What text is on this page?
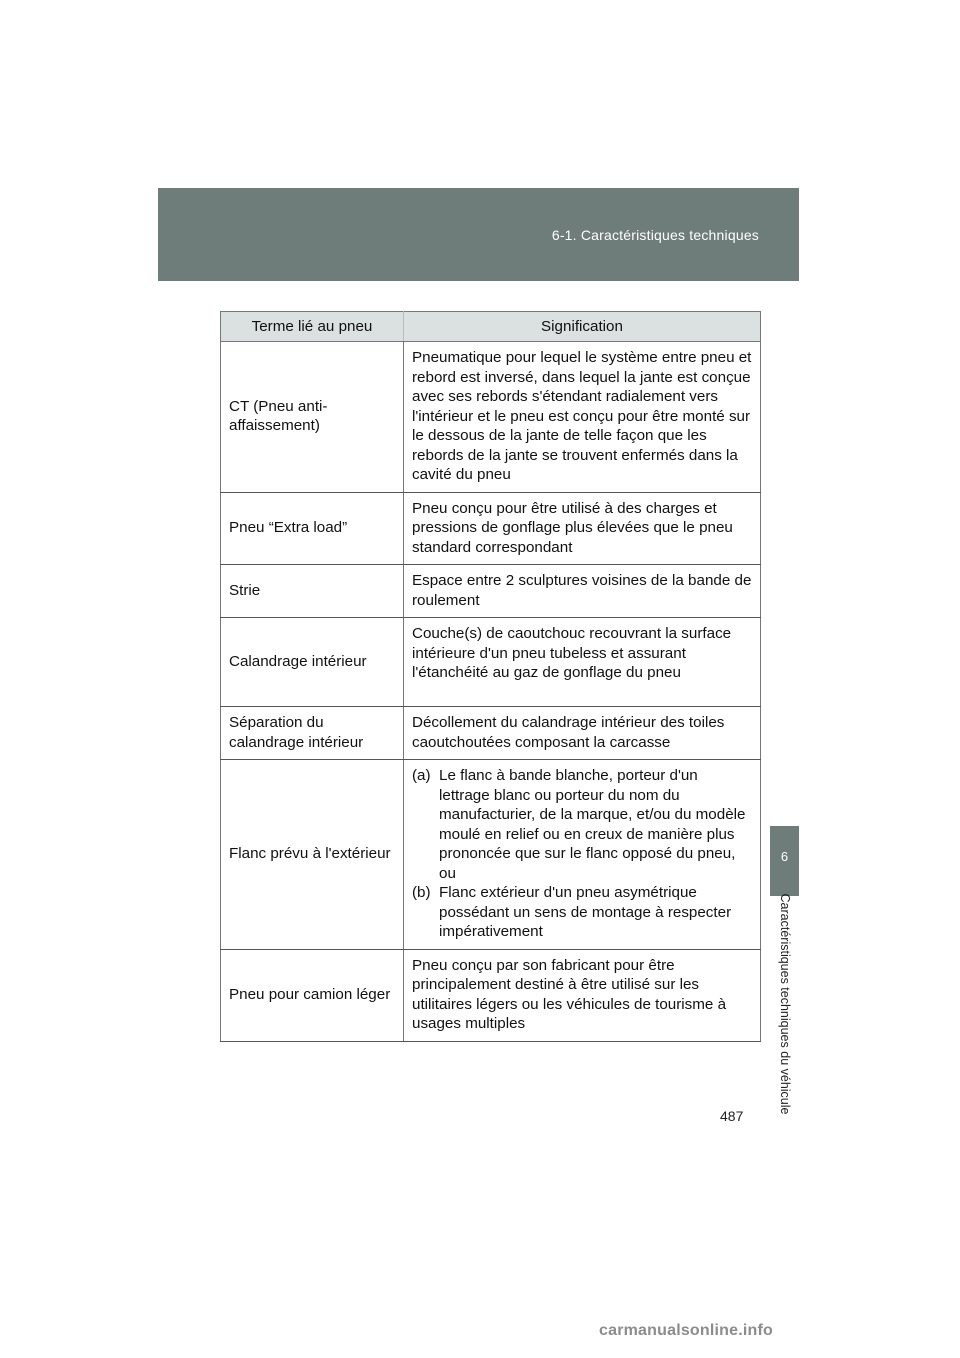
6-1. Caractéristiques techniques
6
Caractéristiques techniques du véhicule
Terme lié au pneu	Signification
CT (Pneu anti-affaissement)	Pneumatique pour lequel le système entre pneu et rebord est inversé, dans lequel la jante est conçue avec ses rebords s'étendant radialement vers l'intérieur et le pneu est conçu pour être monté sur le dessous de la jante de telle façon que les rebords de la jante se trouvent enfermés dans la cavité du pneu
Pneu “Extra load”	Pneu conçu pour être utilisé à des charges et pressions de gonflage plus élevées que le pneu standard correspondant
Strie	Espace entre 2 sculptures voisines de la bande de roulement
Calandrage intérieur	Couche(s) de caoutchouc recouvrant la surface intérieure d'un pneu tubeless et assurant l'étanchéité au gaz de gonflage du pneu
Séparation du calandrage intérieur	Décollement du calandrage intérieur des toiles caoutchoutées composant la carcasse
Flanc prévu à l'extérieur	(a) Le flanc à bande blanche, porteur d'un lettrage blanc ou porteur du nom du manufacturier, de la marque, et/ou du modèle moulé en relief ou en creux de manière plus prononcée que sur le flanc opposé du pneu, ou
(b) Flanc extérieur d'un pneu asymétrique possédant un sens de montage à respecter impérativement

Pneu pour camion léger	Pneu conçu par son fabricant pour être principalement destiné à être utilisé sur les utilitaires légers ou les véhicules de tourisme à usages multiples
487
carmanualsonline.info
